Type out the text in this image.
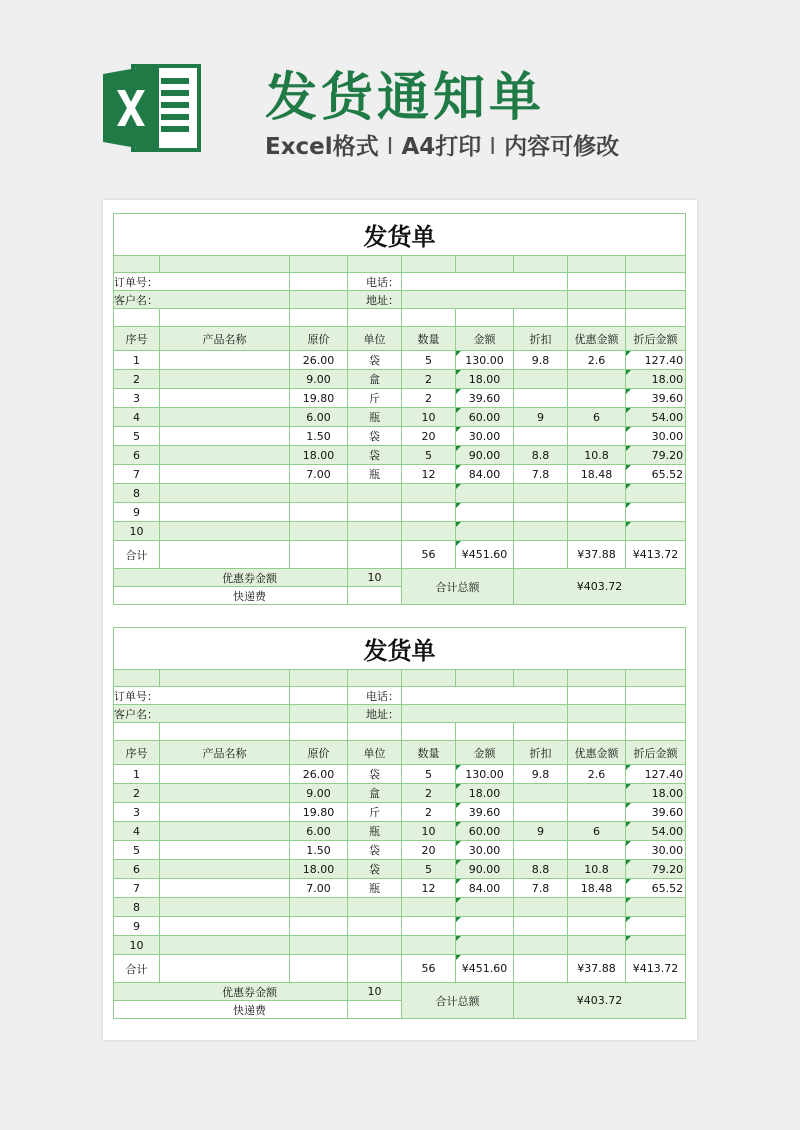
发货通知单
Excel格式 I A4打印 I 内容可修改
发货单								

订单号：			电话：					
客户名：			地址：					

序号	产品名称	原价	单位	数量	金额	折扣	优惠金额	折后金额
1		26.00	袋	5	130.00	9.8	2.6	127.40
2		9.00	盒	2	18.00			18.00
3		19.80	斤	2	39.60			39.60
4		6.00	瓶	10	60.00	9	6	54.00
5		1.50	袋	20	30.00			30.00
6		18.00	袋	5	90.00	8.8	10.8	79.20
7		7.00	瓶	12	84.00	7.8	18.48	65.52
8								
9								
10								
合计				56	¥451.60		¥37.88	¥413.72
优惠券金额			10	合计总额		¥403.72		
快递费								
发货单								

订单号：			电话：					
客户名：			地址：					

序号	产品名称	原价	单位	数量	金额	折扣	优惠金额	折后金额
1		26.00	袋	5	130.00	9.8	2.6	127.40
2		9.00	盒	2	18.00			18.00
3		19.80	斤	2	39.60			39.60
4		6.00	瓶	10	60.00	9	6	54.00
5		1.50	袋	20	30.00			30.00
6		18.00	袋	5	90.00	8.8	10.8	79.20
7		7.00	瓶	12	84.00	7.8	18.48	65.52
8								
9								
10								
合计				56	¥451.60		¥37.88	¥413.72
优惠券金额			10	合计总额		¥403.72		
快递费								
